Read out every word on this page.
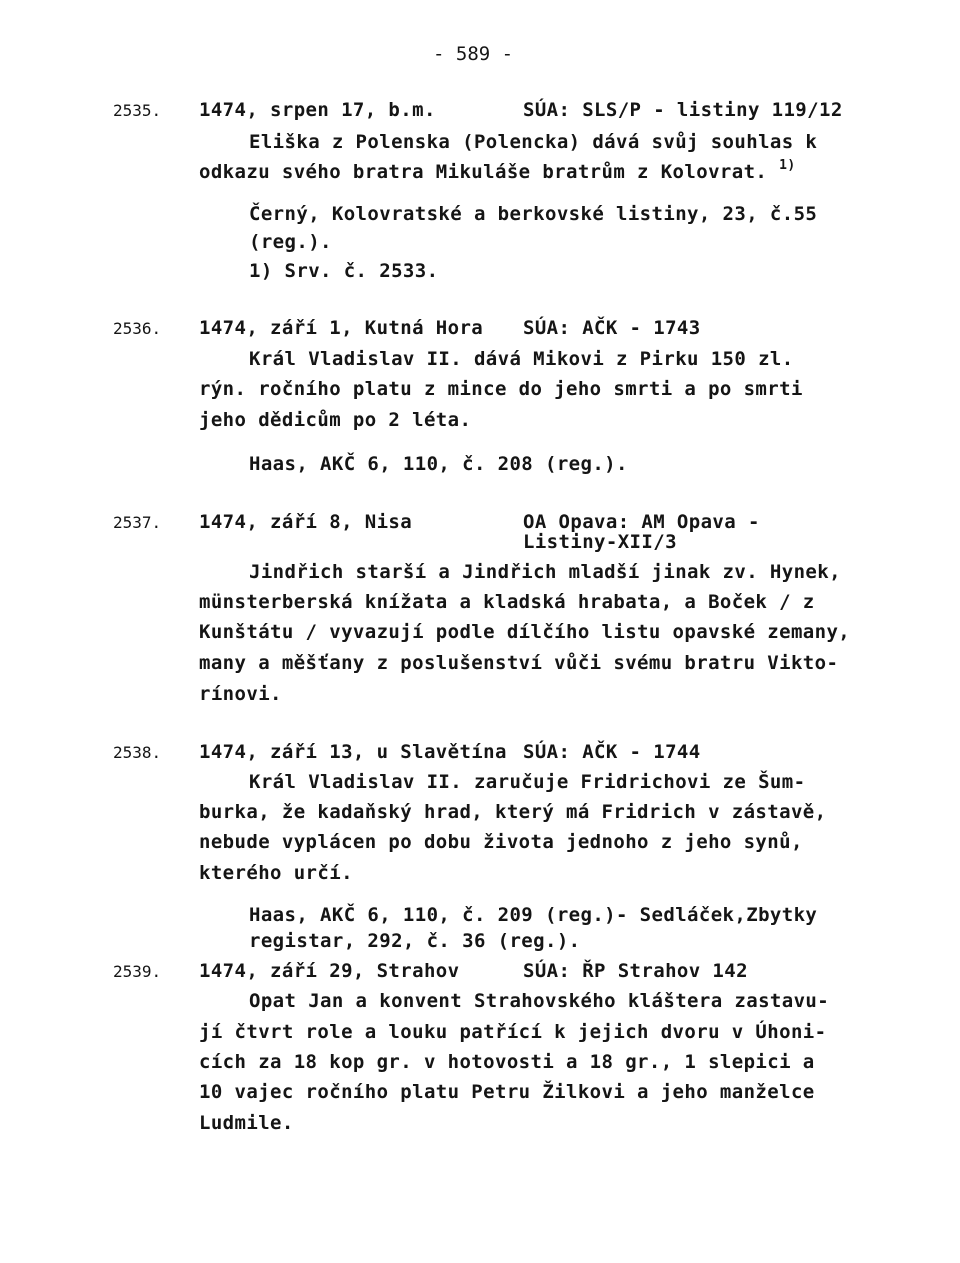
- 589 -
2535. 1474, srpen 17, b.m.	SÚA: SLS/P - listiny 119/12
Eliška z Polenska (Polencka) dává svůj souhlas k
odkazu svého bratra Mikuláše bratrům z Kolovrat. $^{1)}$
Černý, Kolovratské a berkovské listiny, 23, č.55
(reg.).
1) Srv. č. 2533.
2536. 1474, září 1, Kutná Hora SÚA: AČK - 1743
Král Vladislav II. dává Mikovi z Pirku 150 zl.
rýn. ročního platu z mince do jeho smrti a po smrti
jeho dědicům po 2 léta.
Haas, AKČ 6, 110, č. 208 (reg.).
2537. 1474, září 8, Nisa	OA Opava: AM Opava -
Listiny-XII/3
Jindřich starší a Jindřich mladší jinak zv. Hynek,
münsterberská knížata a kladská hrabata, a Boček / z
Kunštátu / vyvazují podle dílčího listu opavské zemany,
many a měšťany z poslušenství vůči svému bratru Vikto-
rínovi.
2538. 1474, září 13, u Slavětína SÚA: AČK - 1744
Král Vladislav II. zaručuje Fridrichovi ze Šum-
burka, že kadaňský hrad, který má Fridrich v zástavě,
nebude vyplácen po dobu života jednoho z jeho synů,
kterého určí.
Haas, AKČ 6, 110, č. 209 (reg.)- Sedláček,Zbytky
registar, 292, č. 36 (reg.).
2539. 1474, září 29, Strahov	SÚA: ŘP Strahov 142
Opat Jan a konvent Strahovského kláštera zastavu-
jí čtvrt role a louku patřící k jejich dvoru v Úhoni-
cích za 18 kop gr. v hotovosti a 18 gr., 1 slepici a
10 vajec ročního platu Petru Žilkovi a jeho manželce
Ludmile.
